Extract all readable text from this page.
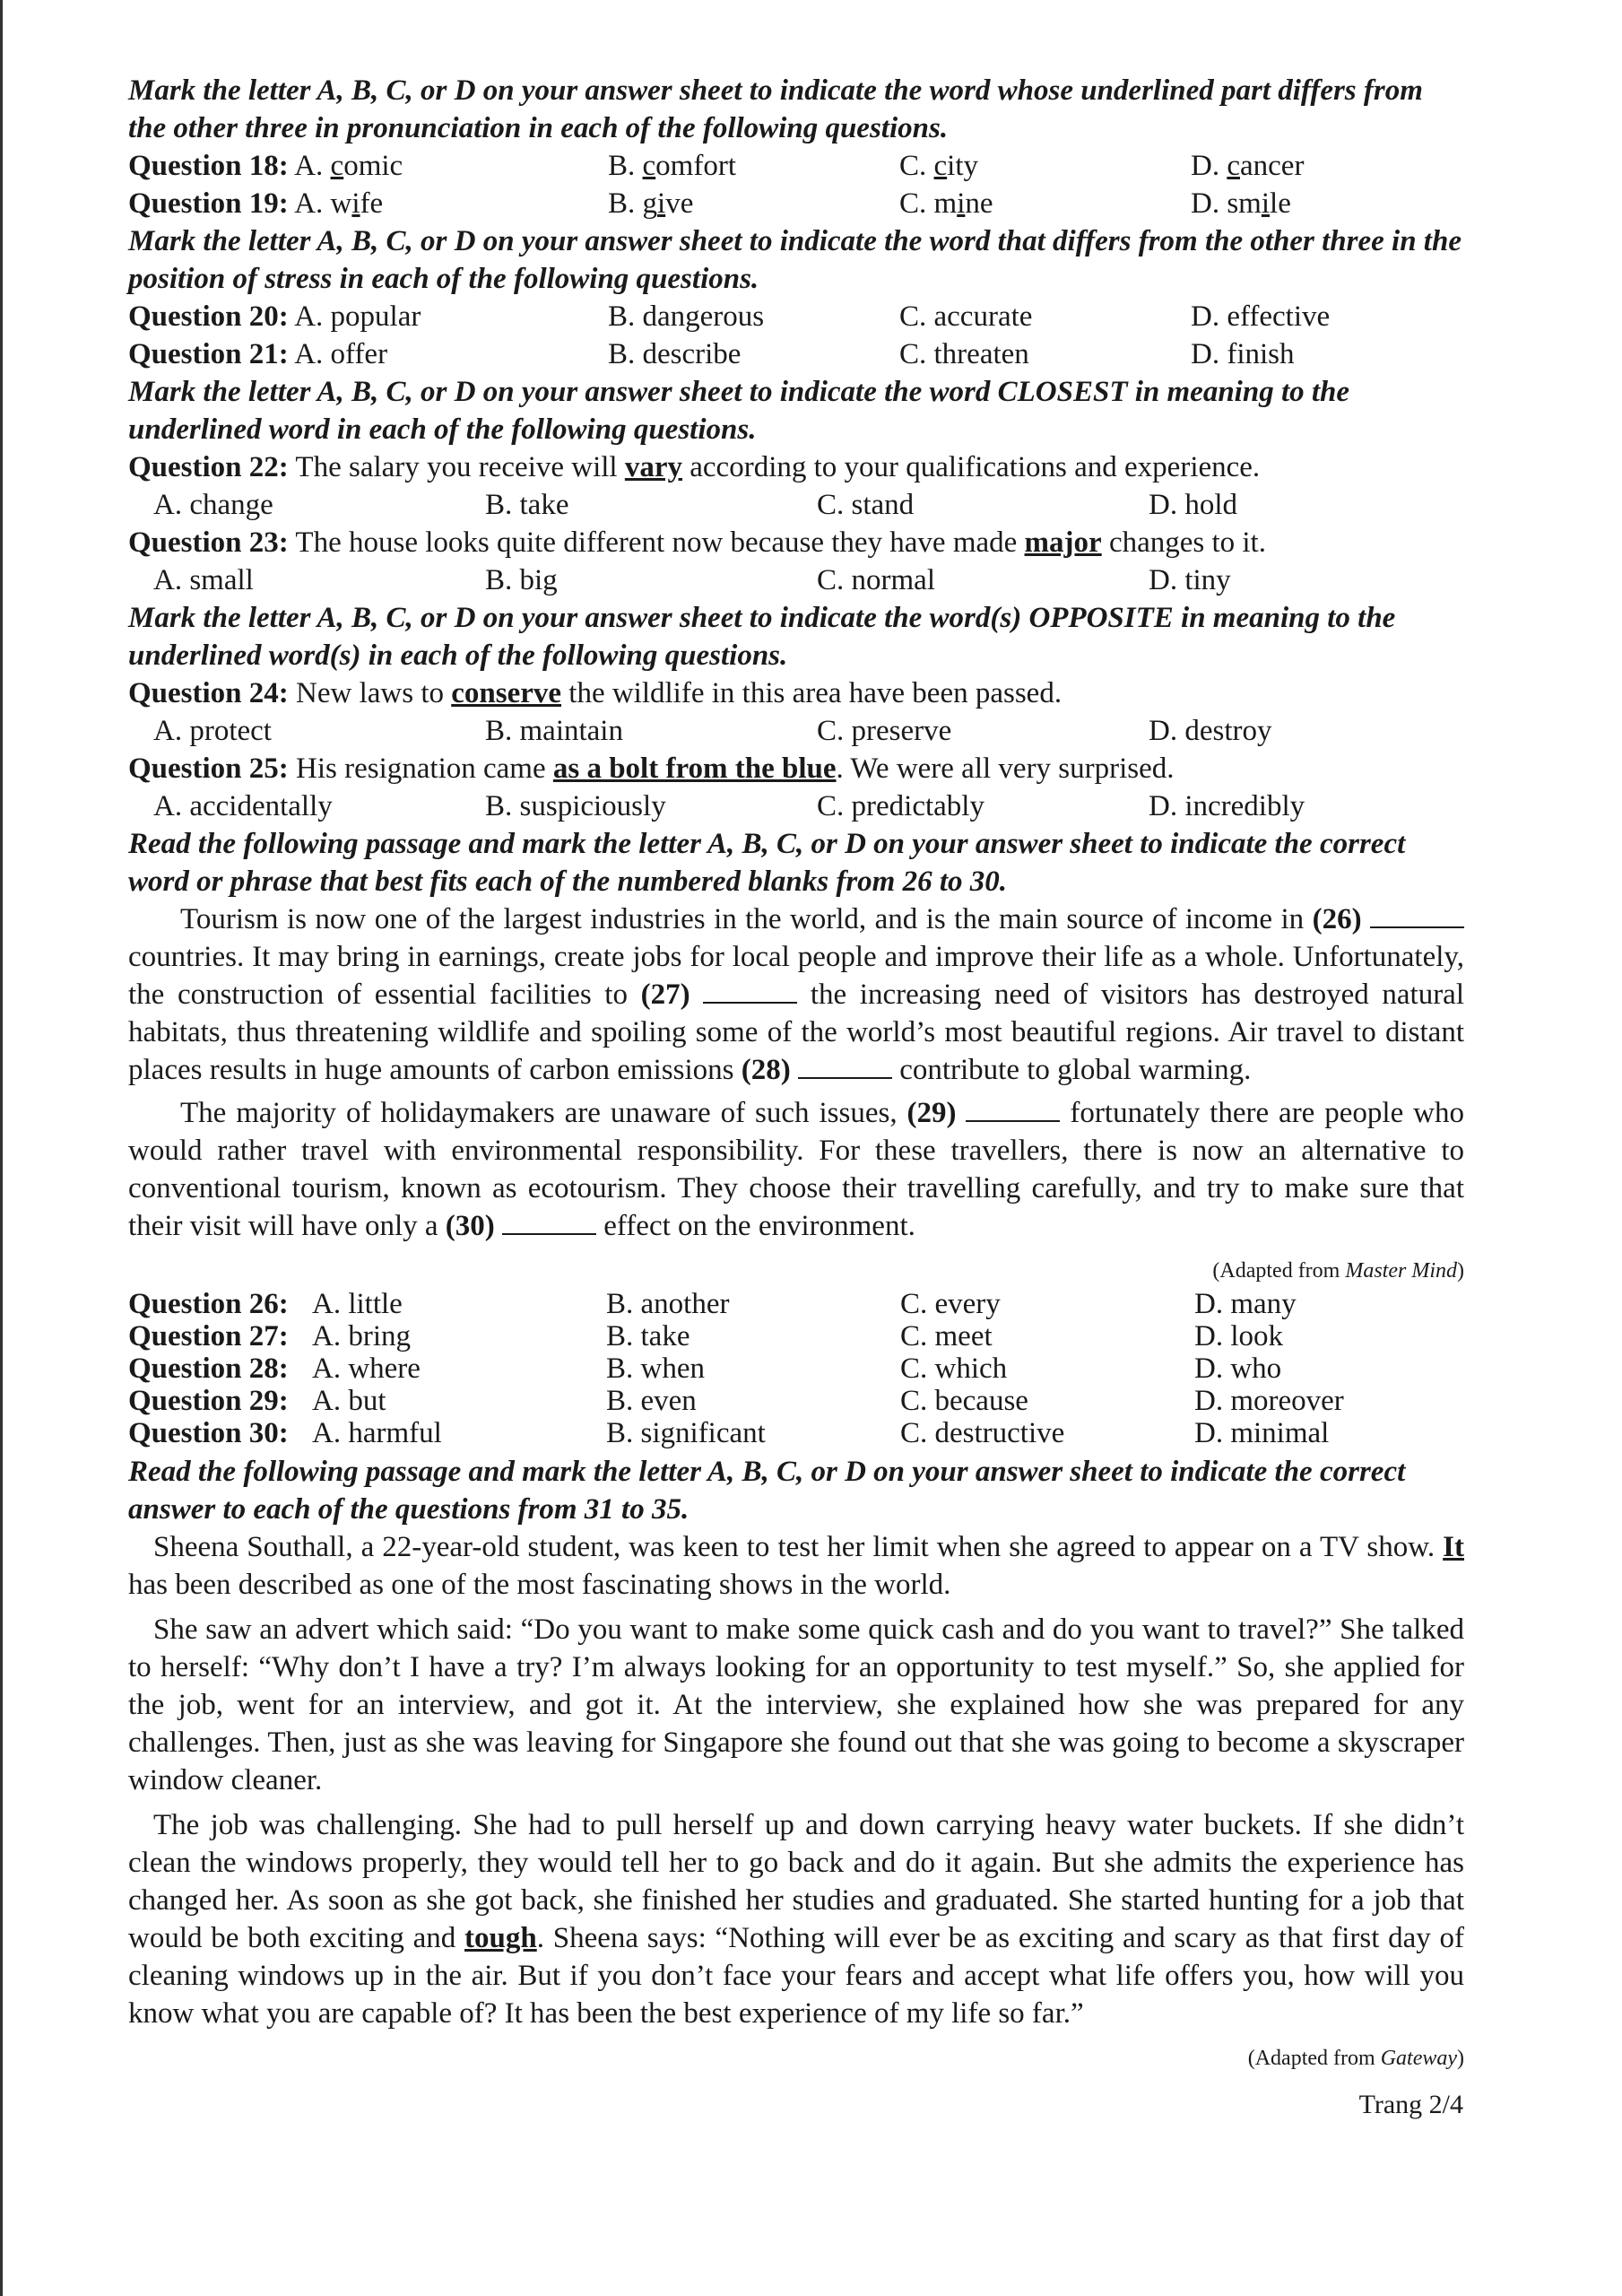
Mark the letter A, B, C, or D on your answer sheet to indicate the word whose underlined part differs from the other three in pronunciation in each of the following questions.

Question 18: A. comic	B. comfort	C. city	D. cancer
Question 19: A. wife	B. give	C. mine	D. smile

Mark the letter A, B, C, or D on your answer sheet to indicate the word that differs from the other three in the position of stress in each of the following questions.

Question 20: A. popular	B. dangerous	C. accurate	D. effective
Question 21: A. offer	B. describe	C. threaten	D. finish

Mark the letter A, B, C, or D on your answer sheet to indicate the word CLOSEST in meaning to the underlined word in each of the following questions.

Question 22: The salary you receive will vary according to your qualifications and experience.

A. change	B. take	C. stand	D. hold

Question 23: The house looks quite different now because they have made major changes to it.

A. small	B. big	C. normal	D. tiny

Mark the letter A, B, C, or D on your answer sheet to indicate the word(s) OPPOSITE in meaning to the underlined word(s) in each of the following questions.

Question 24: New laws to conserve the wildlife in this area have been passed.

A. protect	B. maintain	C. preserve	D. destroy

Question 25: His resignation came as a bolt from the blue. We were all very surprised.

A. accidentally	B. suspiciously	C. predictably	D. incredibly

Read the following passage and mark the letter A, B, C, or D on your answer sheet to indicate the correct word or phrase that best fits each of the numbered blanks from 26 to 30.

Tourism is now one of the largest industries in the world, and is the main source of income in (26)  countries. It may bring in earnings, create jobs for local people and improve their life as a whole. Unfortunately, the construction of essential facilities to (27)	the increasing need of visitors has destroyed natural habitats, thus threatening wildlife and spoiling some of the world’s most beautiful regions. Air travel to distant places results in huge amounts of carbon emissions (28)	contribute to global warming.

The majority of holidaymakers are unaware of such issues, (29)	fortunately there are people who would rather travel with environmental responsibility. For these travellers, there is now an alternative to conventional tourism, known as ecotourism. They choose their travelling carefully, and try to make sure that their visit will have only a (30)	effect on the environment.

(Adapted from Master Mind)
Question 26: A. little	B. another	C. every	D. many
Question 27: A. bring	B. take	C. meet	D. look
Question 28: A. where	B. when	C. which	D. who
Question 29: A. but	B. even	C. because	D. moreover
Question 30: A. harmful	B. significant	C. destructive	D. minimal

Read the following passage and mark the letter A, B, C, or D on your answer sheet to indicate the correct answer to each of the questions from 31 to 35.

Sheena Southall, a 22-year-old student, was keen to test her limit when she agreed to appear on a TV show. It has been described as one of the most fascinating shows in the world.

She saw an advert which said: “Do you want to make some quick cash and do you want to travel?” She talked to herself: “Why don’t I have a try? I’m always looking for an opportunity to test myself.” So, she applied for the job, went for an interview, and got it. At the interview, she explained how she was prepared for any challenges. Then, just as she was leaving for Singapore she found out that she was going to become a skyscraper window cleaner.

The job was challenging. She had to pull herself up and down carrying heavy water buckets. If she didn’t clean the windows properly, they would tell her to go back and do it again. But she admits the experience has changed her. As soon as she got back, she finished her studies and graduated. She started hunting for a job that would be both exciting and tough. Sheena says: “Nothing will ever be as exciting and scary as that first day of cleaning windows up in the air. But if you don’t face your fears and accept what life offers you, how will you know what you are capable of? It has been the best experience of my life so far.”

(Adapted from Gateway)
Trang 2/4
